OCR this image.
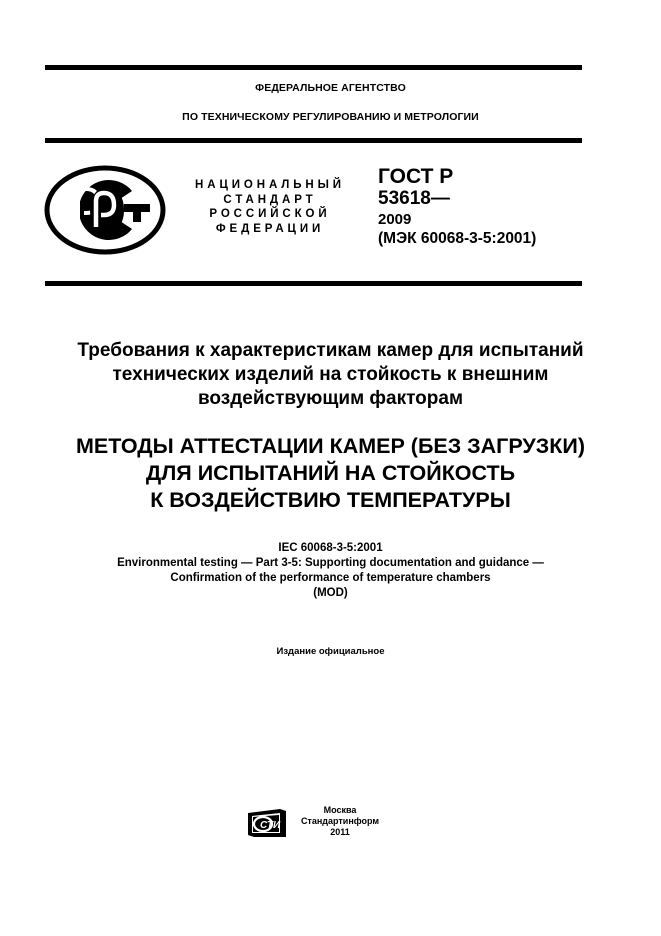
ФЕДЕРАЛЬНОЕ АГЕНТСТВО
ПО ТЕХНИЧЕСКОМУ РЕГУЛИРОВАНИЮ И МЕТРОЛОГИИ
НАЦИОНАЛЬНЫЙ
СТАНДАРТ
РОССИЙСКОЙ
ФЕДЕРАЦИИ
ГОСТ Р
53618—
2009
(МЭК 60068-3-5:2001)
Требования к характеристикам камер для испытаний
технических изделий на стойкость к внешним
воздействующим факторам
МЕТОДЫ АТТЕСТАЦИИ КАМЕР (БЕЗ ЗАГРУЗКИ)
ДЛЯ ИСПЫТАНИЙ НА СТОЙКОСТЬ
К ВОЗДЕЙСТВИЮ ТЕМПЕРАТУРЫ
IEC 60068-3-5:2001
Environmental testing — Part 3-5: Supporting documentation and guidance —
Confirmation of the performance of temperature chambers
(MOD)
Издание официальное
СТИ
Москва
Стандартинформ
2011
